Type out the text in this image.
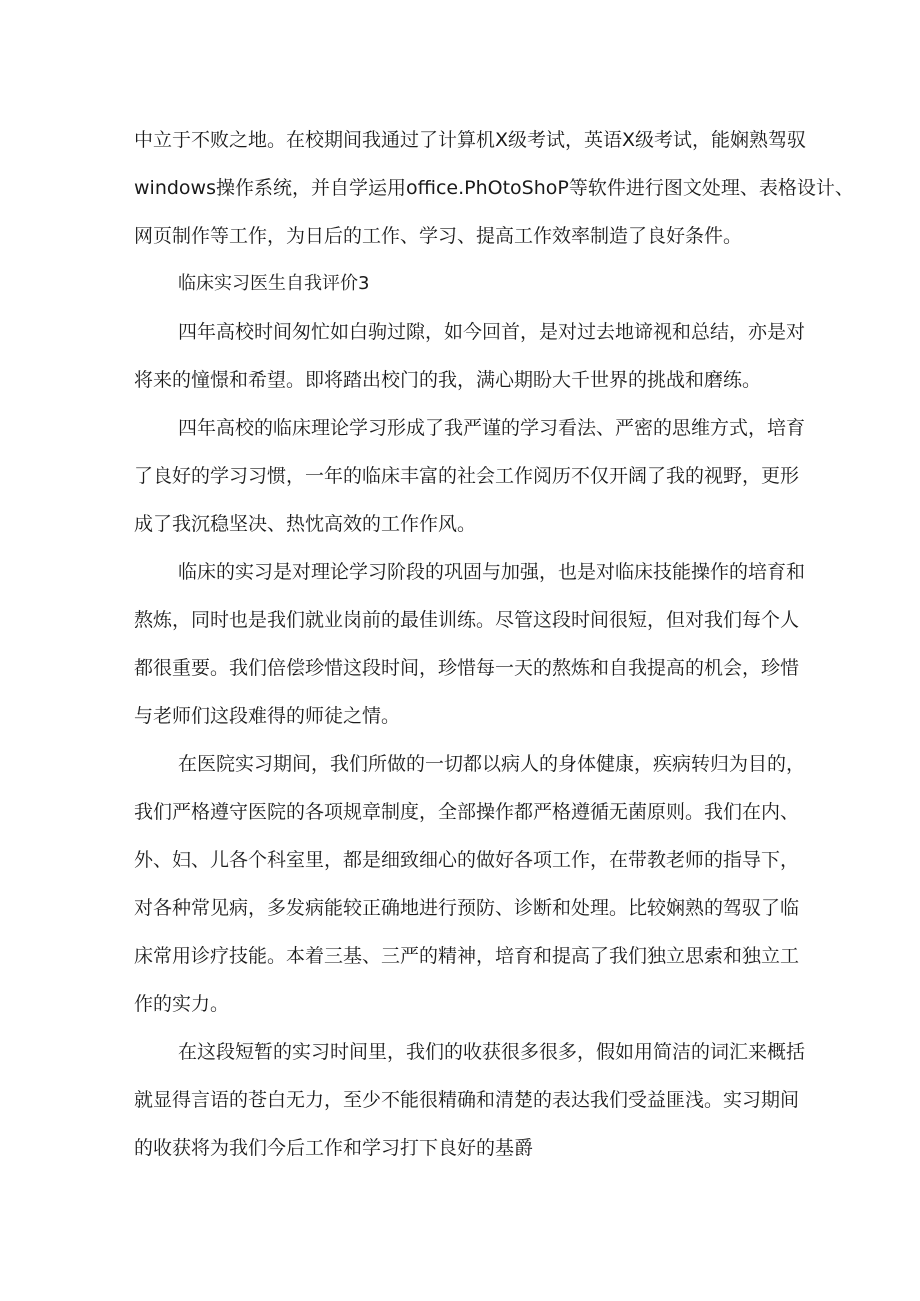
中立于不败之地。在校期间我通过了计算机X级考试，英语X级考试，能娴熟驾驭
windows操作系统，并自学运用office.PhOtoShoP等软件进行图文处理、表格设计、
网页制作等工作，为日后的工作、学习、提高工作效率制造了良好条件。
临床实习医生自我评价3
四年高校时间匆忙如白驹过隙，如今回首，是对过去地谛视和总结，亦是对
将来的憧憬和希望。即将踏出校门的我，满心期盼大千世界的挑战和磨练。
四年高校的临床理论学习形成了我严谨的学习看法、严密的思维方式，培育
了良好的学习习惯，一年的临床丰富的社会工作阅历不仅开阔了我的视野，更形
成了我沉稳坚决、热忱高效的工作作风。
临床的实习是对理论学习阶段的巩固与加强，也是对临床技能操作的培育和
熬炼，同时也是我们就业岗前的最佳训练。尽管这段时间很短，但对我们每个人
都很重要。我们倍偿珍惜这段时间，珍惜每一天的熬炼和自我提高的机会，珍惜
与老师们这段难得的师徒之情。
在医院实习期间，我们所做的一切都以病人的身体健康，疾病转归为目的，
我们严格遵守医院的各项规章制度，全部操作都严格遵循无菌原则。我们在内、
外、妇、儿各个科室里，都是细致细心的做好各项工作，在带教老师的指导下，
对各种常见病，多发病能较正确地进行预防、诊断和处理。比较娴熟的驾驭了临
床常用诊疗技能。本着三基、三严的精神，培育和提高了我们独立思索和独立工
作的实力。
在这段短暂的实习时间里，我们的收获很多很多，假如用简洁的词汇来概括
就显得言语的苍白无力，至少不能很精确和清楚的表达我们受益匪浅。实习期间
的收获将为我们今后工作和学习打下良好的基爵
